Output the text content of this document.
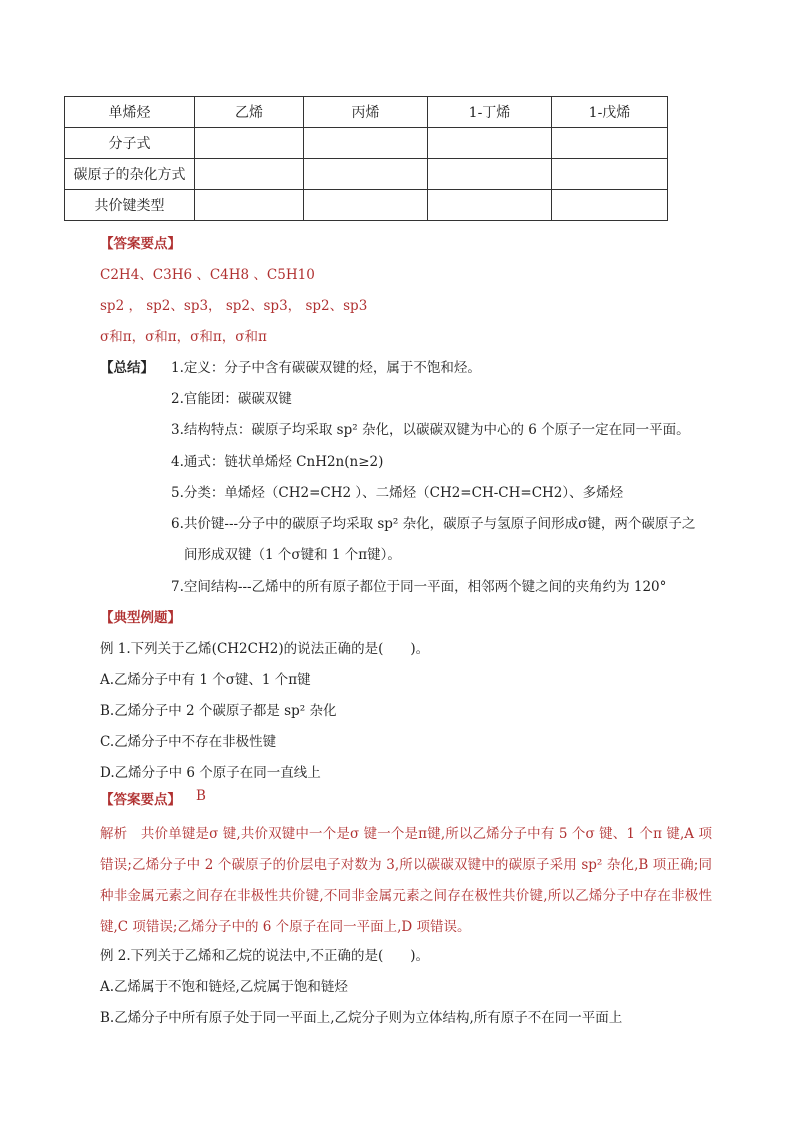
单烯烃	乙烯	丙烯	1-丁烯	1-戊烯
分子式				
碳原子的杂化方式				
共价键类型				
【答案要点】
C2H4、C3H6 、C4H8 、C5H10
sp2 ， sp2、sp3， sp2、sp3， sp2、sp3
σ和π，σ和π，σ和π，σ和π
【总结】 1.定义：分子中含有碳碳双键的烃，属于不饱和烃。
2.官能团：碳碳双键
3.结构特点：碳原子均采取 sp² 杂化，以碳碳双键为中心的 6 个原子一定在同一平面。
4.通式：链状单烯烃 CnH2n(n≥2)
5.分类：单烯烃（CH2=CH2 ）、二烯烃（CH2=CH-CH=CH2）、多烯烃
6.共价键---分子中的碳原子均采取 sp² 杂化，碳原子与氢原子间形成σ键，两个碳原子之
间形成双键（1 个σ键和 1 个π键）。
7.空间结构---乙烯中的所有原子都位于同一平面，相邻两个键之间的夹角约为 120°
【典型例题】
例 1.下列关于乙烯(CH2CH2)的说法正确的是(　　)。
A.乙烯分子中有 1 个σ键、1 个π键
B.乙烯分子中 2 个碳原子都是 sp² 杂化
C.乙烯分子中不存在非极性键
D.乙烯分子中 6 个原子在同一直线上
【答案要点】 B
解析　共价单键是σ 键,共价双键中一个是σ 键一个是π键,所以乙烯分子中有 5 个σ 键、1 个π 键,A 项错误;乙烯分子中 2 个碳原子的价层电子对数为 3,所以碳碳双键中的碳原子采用 sp² 杂化,B 项正确;同种非金属元素之间存在非极性共价键,不同非金属元素之间存在极性共价键,所以乙烯分子中存在非极性键,C 项错误;乙烯分子中的 6 个原子在同一平面上,D 项错误。
例 2.下列关于乙烯和乙烷的说法中,不正确的是(　　)。
A.乙烯属于不饱和链烃,乙烷属于饱和链烃
B.乙烯分子中所有原子处于同一平面上,乙烷分子则为立体结构,所有原子不在同一平面上
